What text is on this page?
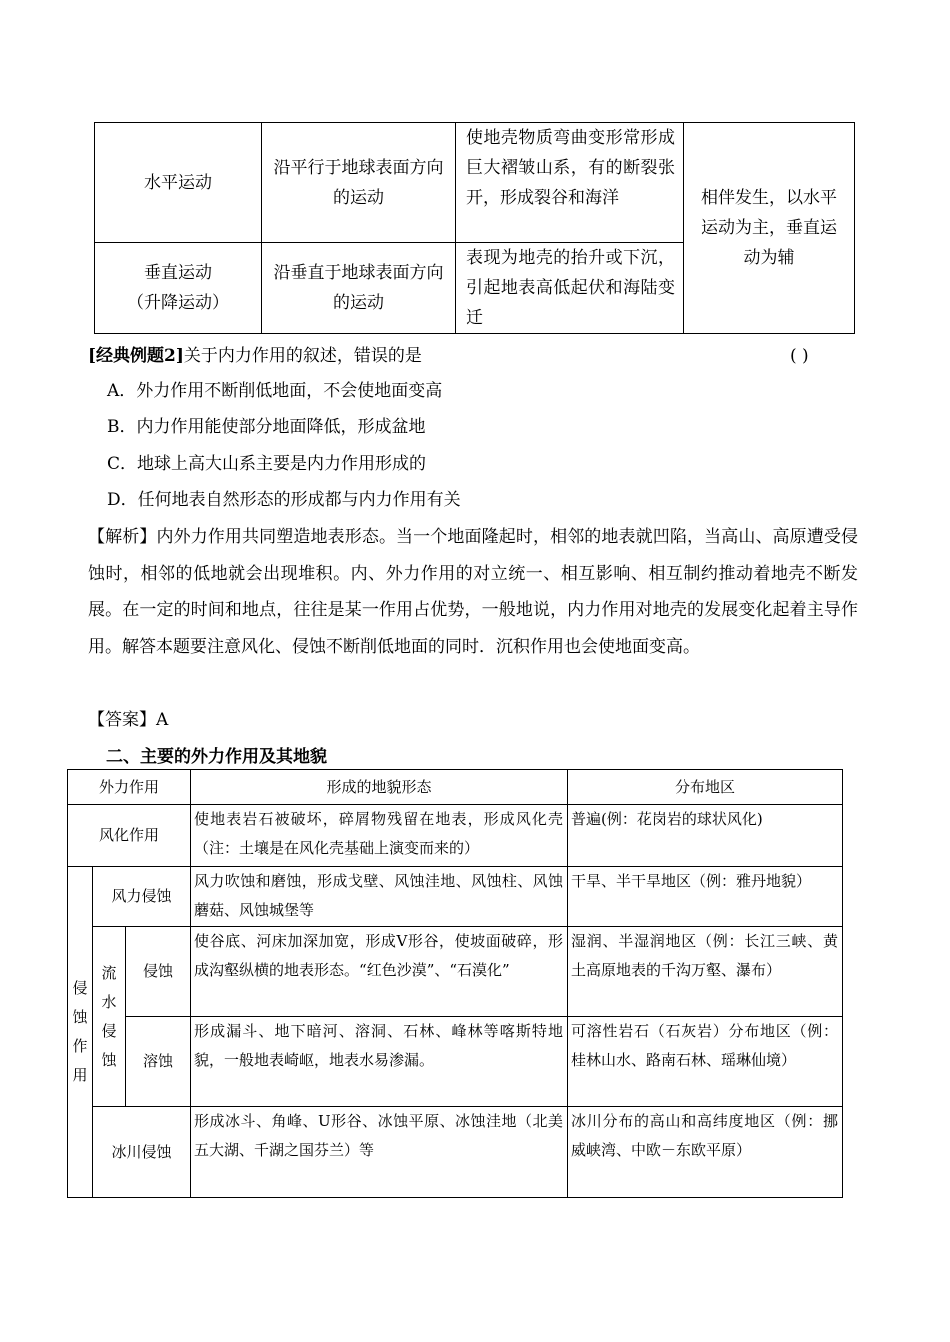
水平运动	沿平行于地球表面方向的运动	使地壳物质弯曲变形常形成巨大褶皱山系，有的断裂张开，形成裂谷和海洋	相伴发生，以水平运动为主，垂直运动为辅

垂直运动
（升降运动）	沿垂直于地球表面方向的运动	表现为地壳的抬升或下沉，引起地表高低起伏和海陆变迁	
[经典例题2]关于内力作用的叙述，错误的是	( )
A．外力作用不断削低地面，不会使地面变高
B．内力作用能使部分地面降低，形成盆地
C．地球上高大山系主要是内力作用形成的
D．任何地表自然形态的形成都与内力作用有关
【解析】内外力作用共同塑造地表形态。当一个地面隆起时，相邻的地表就凹陷，当高山、高原遭受侵蚀时，相邻的低地就会出现堆积。内、外力作用的对立统一、相互影响、相互制约推动着地壳不断发展。在一定的时间和地点，往往是某一作用占优势，一般地说，内力作用对地壳的发展变化起着主导作用。解答本题要注意风化、侵蚀不断削低地面的同时．沉积作用也会使地面变高。
【答案】A
二、主要的外力作用及其地貌
外力作用			形成的地貌形态	分布地区
风化作用			使地表岩石被破坏，碎屑物残留在地表，形成风化壳（注：土壤是在风化壳基础上演变而来的）	普遍(例：花岗岩的球状风化)
侵蚀作用	风力侵蚀		风力吹蚀和磨蚀，形成戈壁、风蚀洼地、风蚀柱、风蚀蘑菇、风蚀城堡等	干旱、半干旱地区（例：雅丹地貌）
	流水侵蚀	侵蚀	使谷底、河床加深加宽，形成V形谷，使坡面破碎，形成沟壑纵横的地表形态。“红色沙漠”、“石漠化”	湿润、半湿润地区（例：长江三峡、黄土高原地表的千沟万壑、瀑布）
		溶蚀	形成漏斗、地下暗河、溶洞、石林、峰林等喀斯特地貌，一般地表崎岖，地表水易渗漏。	可溶性岩石（石灰岩）分布地区（例：桂林山水、路南石林、瑶琳仙境）
	冰川侵蚀		形成冰斗、角峰、U形谷、冰蚀平原、冰蚀洼地（北美五大湖、千湖之国芬兰）等	冰川分布的高山和高纬度地区（例：挪威峡湾、中欧－东欧平原）
